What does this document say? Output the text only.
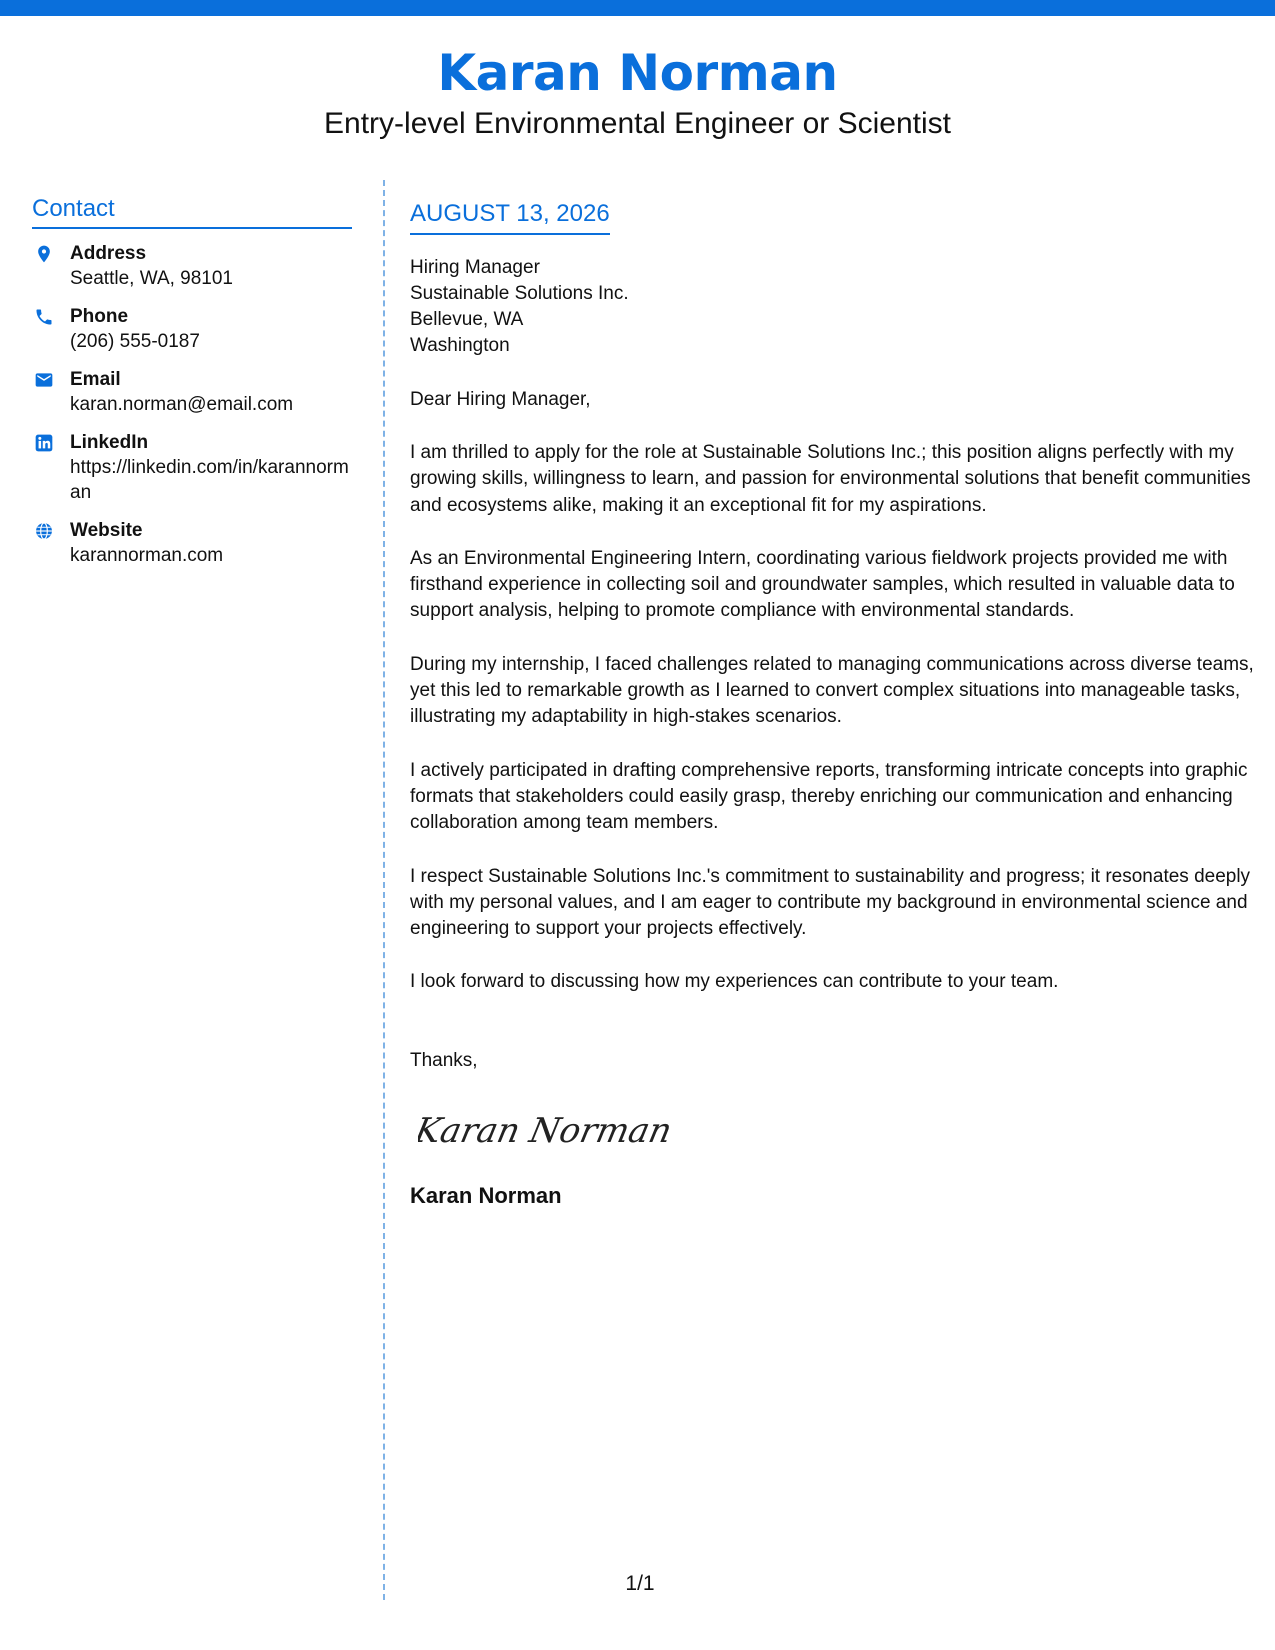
Karan Norman
Entry-level Environmental Engineer or Scientist
Contact
Address
Seattle, WA, 98101
Phone
(206) 555-0187
Email
karan.norman@email.com
LinkedIn
https://linkedin.com/in/karannorman
Website
karannorman.com
AUGUST 13, 2026
Hiring Manager
Sustainable Solutions Inc.
Bellevue, WA
Washington
Dear Hiring Manager,
I am thrilled to apply for the role at Sustainable Solutions Inc.; this position aligns perfectly with my growing skills, willingness to learn, and passion for environmental solutions that benefit communities and ecosystems alike, making it an exceptional fit for my aspirations.
As an Environmental Engineering Intern, coordinating various fieldwork projects provided me with firsthand experience in collecting soil and groundwater samples, which resulted in valuable data to support analysis, helping to promote compliance with environmental standards.
During my internship, I faced challenges related to managing communications across diverse teams, yet this led to remarkable growth as I learned to convert complex situations into manageable tasks, illustrating my adaptability in high-stakes scenarios.
I actively participated in drafting comprehensive reports, transforming intricate concepts into graphic formats that stakeholders could easily grasp, thereby enriching our communication and enhancing collaboration among team members.
I respect Sustainable Solutions Inc.'s commitment to sustainability and progress; it resonates deeply with my personal values, and I am eager to contribute my background in environmental science and engineering to support your projects effectively.
I look forward to discussing how my experiences can contribute to your team.
Thanks,
Karan Norman
Karan Norman
1/1
